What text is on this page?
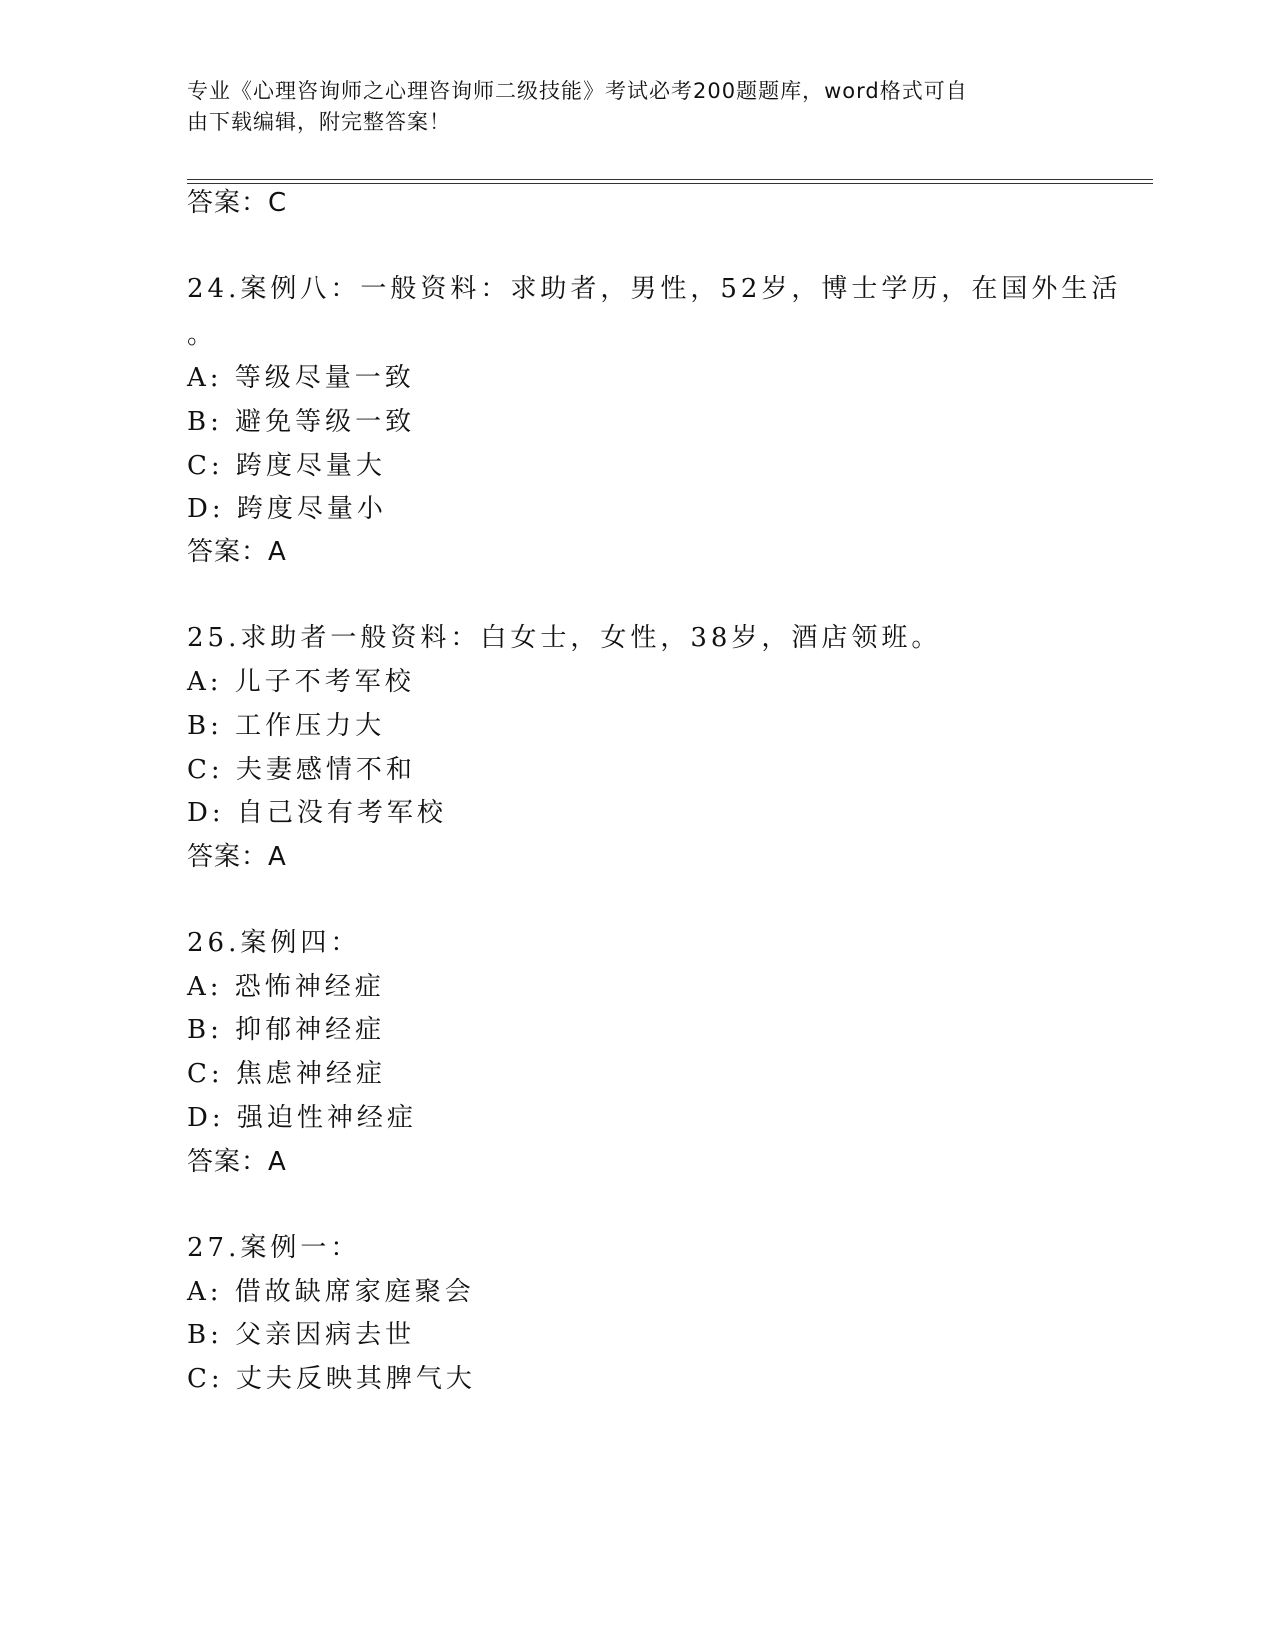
专业《心理咨询师之心理咨询师二级技能》考试必考200题题库，word格式可自
由下载编辑，附完整答案！
答案：C
24.案例八：一般资料：求助者，男性，52岁，博士学历，在国外生活
。
A: 等级尽量一致
B: 避免等级一致
C: 跨度尽量大
D: 跨度尽量小
答案：A
25.求助者一般资料：白女士，女性，38岁，酒店领班。
A: 儿子不考军校
B: 工作压力大
C: 夫妻感情不和
D: 自己没有考军校
答案：A
26.案例四：
A: 恐怖神经症
B: 抑郁神经症
C: 焦虑神经症
D: 强迫性神经症
答案：A
27.案例一：
A: 借故缺席家庭聚会
B: 父亲因病去世
C: 丈夫反映其脾气大
